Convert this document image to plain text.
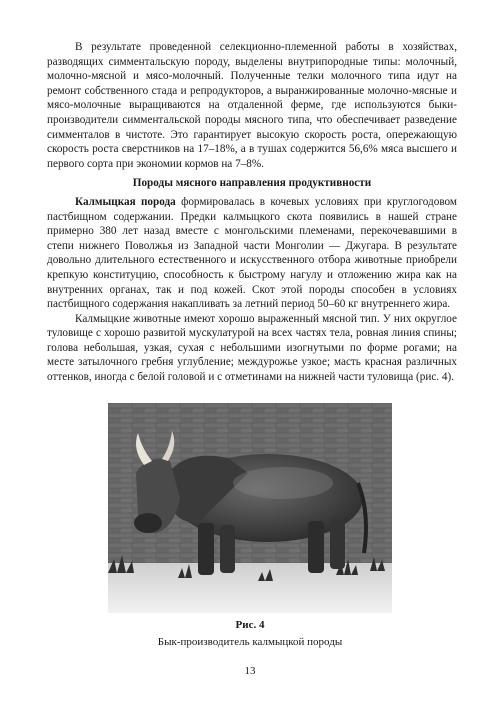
В результате проведенной селекционно-племенной работы в хозяйствах, разводящих симментальскую породу, выделены внутрипородные типы: молочный, молочно-мясной и мясо-молочный. Полученные телки молочного типа идут на ремонт собственного стада и репродукторов, а выранжированные молочно-мясные и мясо-молочные выращиваются на отдаленной ферме, где используются быки-производители симментальской породы мясного типа, что обеспечивает разведение симменталов в чистоте. Это гарантирует высокую скорость роста, опережающую скорость роста сверстников на 17–18%, а в тушах содержится 56,6% мяса высшего и первого сорта при экономии кормов на 7–8%.

Породы мясного направления продуктивности

Калмыцкая порода формировалась в кочевых условиях при круглогодовом пастбищном содержании. Предки калмыцкого скота появились в нашей стране примерно 380 лет назад вместе с монгольскими племенами, перекочевавшими в степи нижнего Поволжья из Западной части Монголии — Джугара. В результате довольно длительного естественного и искусственного отбора животные приобрели крепкую конституцию, способность к быстрому нагулу и отложению жира как на внутренних органах, так и под кожей. Скот этой породы способен в условиях пастбищного содержания накапливать за летний период 50–60 кг внутреннего жира.

Калмыцкие животные имеют хорошо выраженный мясной тип. У них округлое туловище с хорошо развитой мускулатурой на всех частях тела, ровная линия спины; голова небольшая, узкая, сухая с небольшими изогнутыми по форме рогами; на месте затылочного гребня углубление; междурожье узкое; масть красная различных оттенков, иногда с белой головой и с отметинами на нижней части туловища (рис. 4).

Рис. 4
Бык-производитель калмыцкой породы
13
